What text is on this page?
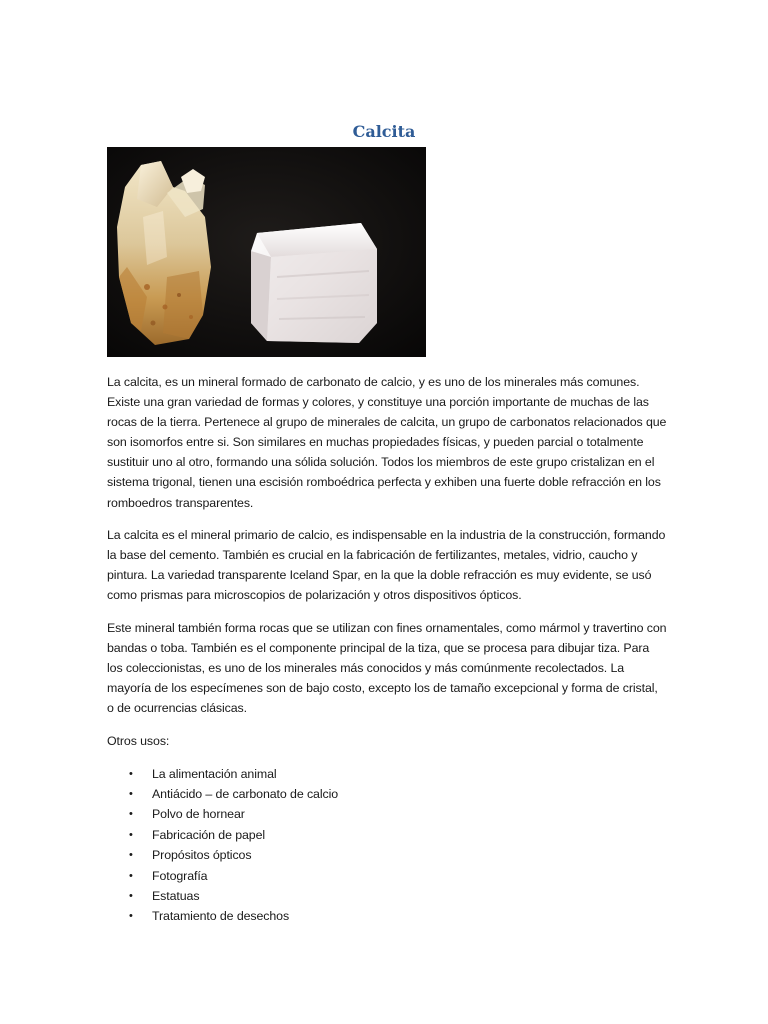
Calcita

La calcita, es un mineral formado de carbonato de calcio, y es uno de los minerales más comunes. Existe una gran variedad de formas y colores, y constituye una porción importante de muchas de las rocas de la tierra. Pertenece al grupo de minerales de calcita, un grupo de carbonatos relacionados que son isomorfos entre si. Son similares en muchas propiedades físicas, y pueden parcial o totalmente sustituir uno al otro, formando una sólida solución. Todos los miembros de este grupo cristalizan en el sistema trigonal, tienen una escisión romboédrica perfecta y exhiben una fuerte doble refracción en los romboedros transparentes.

La calcita es el mineral primario de calcio, es indispensable en la industria de la construcción, formando la base del cemento. También es crucial en la fabricación de fertilizantes, metales, vidrio, caucho y pintura. La variedad transparente Iceland Spar, en la que la doble refracción es muy evidente, se usó como prismas para microscopios de polarización y otros dispositivos ópticos.

Este mineral también forma rocas que se utilizan con fines ornamentales, como mármol y travertino con bandas o toba. También es el componente principal de la tiza, que se procesa para dibujar tiza. Para los coleccionistas, es uno de los minerales más conocidos y más comúnmente recolectados. La mayoría de los especímenes son de bajo costo, excepto los de tamaño excepcional y forma de cristal, o de ocurrencias clásicas.

Otros usos:

• La alimentación animal
• Antiácido – de carbonato de calcio
• Polvo de hornear
• Fabricación de papel
• Propósitos ópticos
• Fotografía
• Estatuas
• Tratamiento de desechos
